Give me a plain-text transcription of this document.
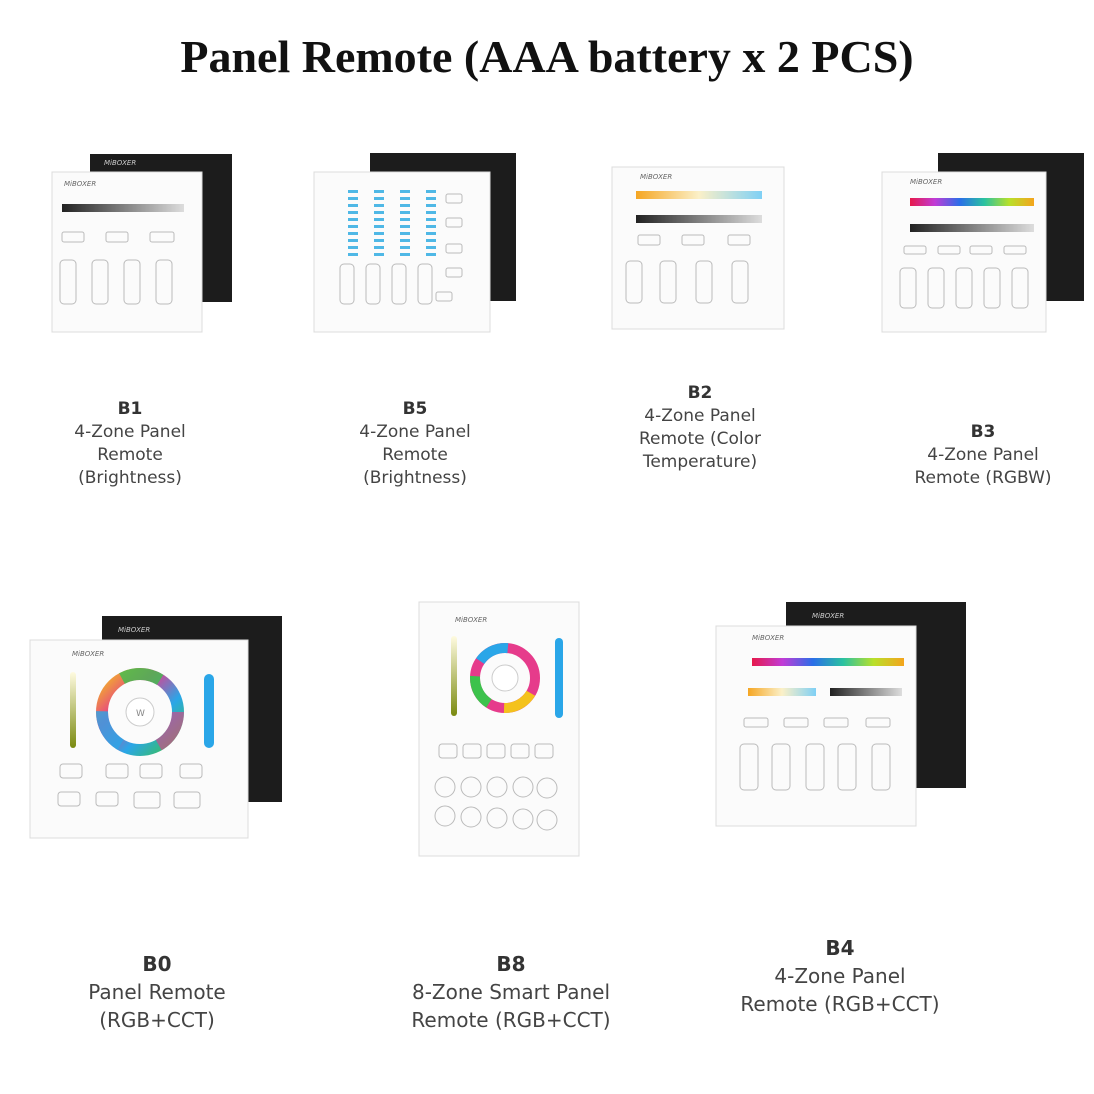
Panel Remote (AAA battery x 2 PCS)
MiBOXER
MiBOXER
MiBOXER
MiBOXER
MiBOXER
MiBOXER
W
MiBOXER	MiBOXER
MiBOXER
B1
4-Zone Panel
Remote
(Brightness)
B5
4-Zone Panel
Remote
(Brightness)
B2
4-Zone Panel
Remote (Color
Temperature)
B3
4-Zone Panel
Remote (RGBW)
B0
Panel Remote
(RGB+CCT)
B8
8-Zone Smart Panel
Remote (RGB+CCT)
B4
4-Zone Panel
Remote (RGB+CCT)
